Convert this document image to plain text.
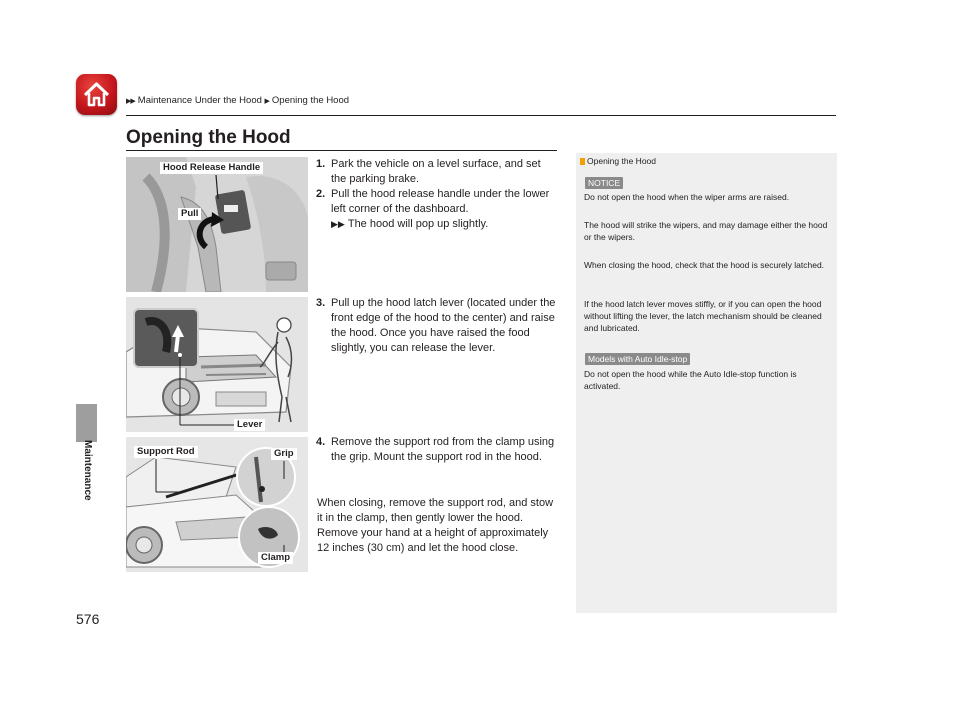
▶▶ Maintenance Under the Hood ▶ Opening the Hood
Maintenance
576
Opening the Hood
Hood Release Handle
Pull
Lever
Support Rod	Grip
Clamp
1. Park the vehicle on a level surface, and set the parking brake.
2. Pull the hood release handle under the lower left corner of the dashboard.
▶▶ The hood will pop up slightly.
3. Pull up the hood latch lever (located under the front edge of the hood to the center) and raise the hood. Once you have raised the food slightly, you can release the lever.
4. Remove the support rod from the clamp using the grip. Mount the support rod in the hood.
When closing, remove the support rod, and stow it in the clamp, then gently lower the hood. Remove your hand at a height of approximately 12 inches (30 cm) and let the hood close.
Opening the Hood
NOTICE
Do not open the hood when the wiper arms are raised.
The hood will strike the wipers, and may damage either the hood or the wipers.
When closing the hood, check that the hood is securely latched.
If the hood latch lever moves stiffly, or if you can open the hood without lifting the lever, the latch mechanism should be cleaned and lubricated.
Models with Auto Idle-stop
Do not open the hood while the Auto Idle-stop function is activated.
